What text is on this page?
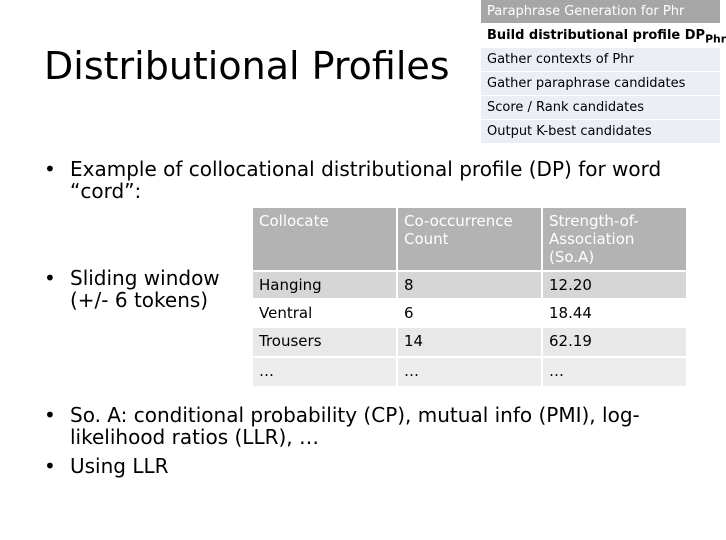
Distributional Profiles
Paraphrase Generation for Phr
Build distributional profile $DP_{Phr}$
Gather contexts of Phr
Gather paraphrase candidates
Score / Rank candidates
Output K-best candidates
• Example of collocational distributional profile (DP) for word “cord”:
• Sliding window (+/- 6 tokens)
Collocate	Co-occurrence Count	Strength-of-Association (So.A)
Hanging	8	12.20
Ventral	6	18.44
Trousers	14	62.19
…	…	…
• So. A: conditional probability (CP), mutual info (PMI), log-likelihood ratios (LLR), …
• Using LLR
